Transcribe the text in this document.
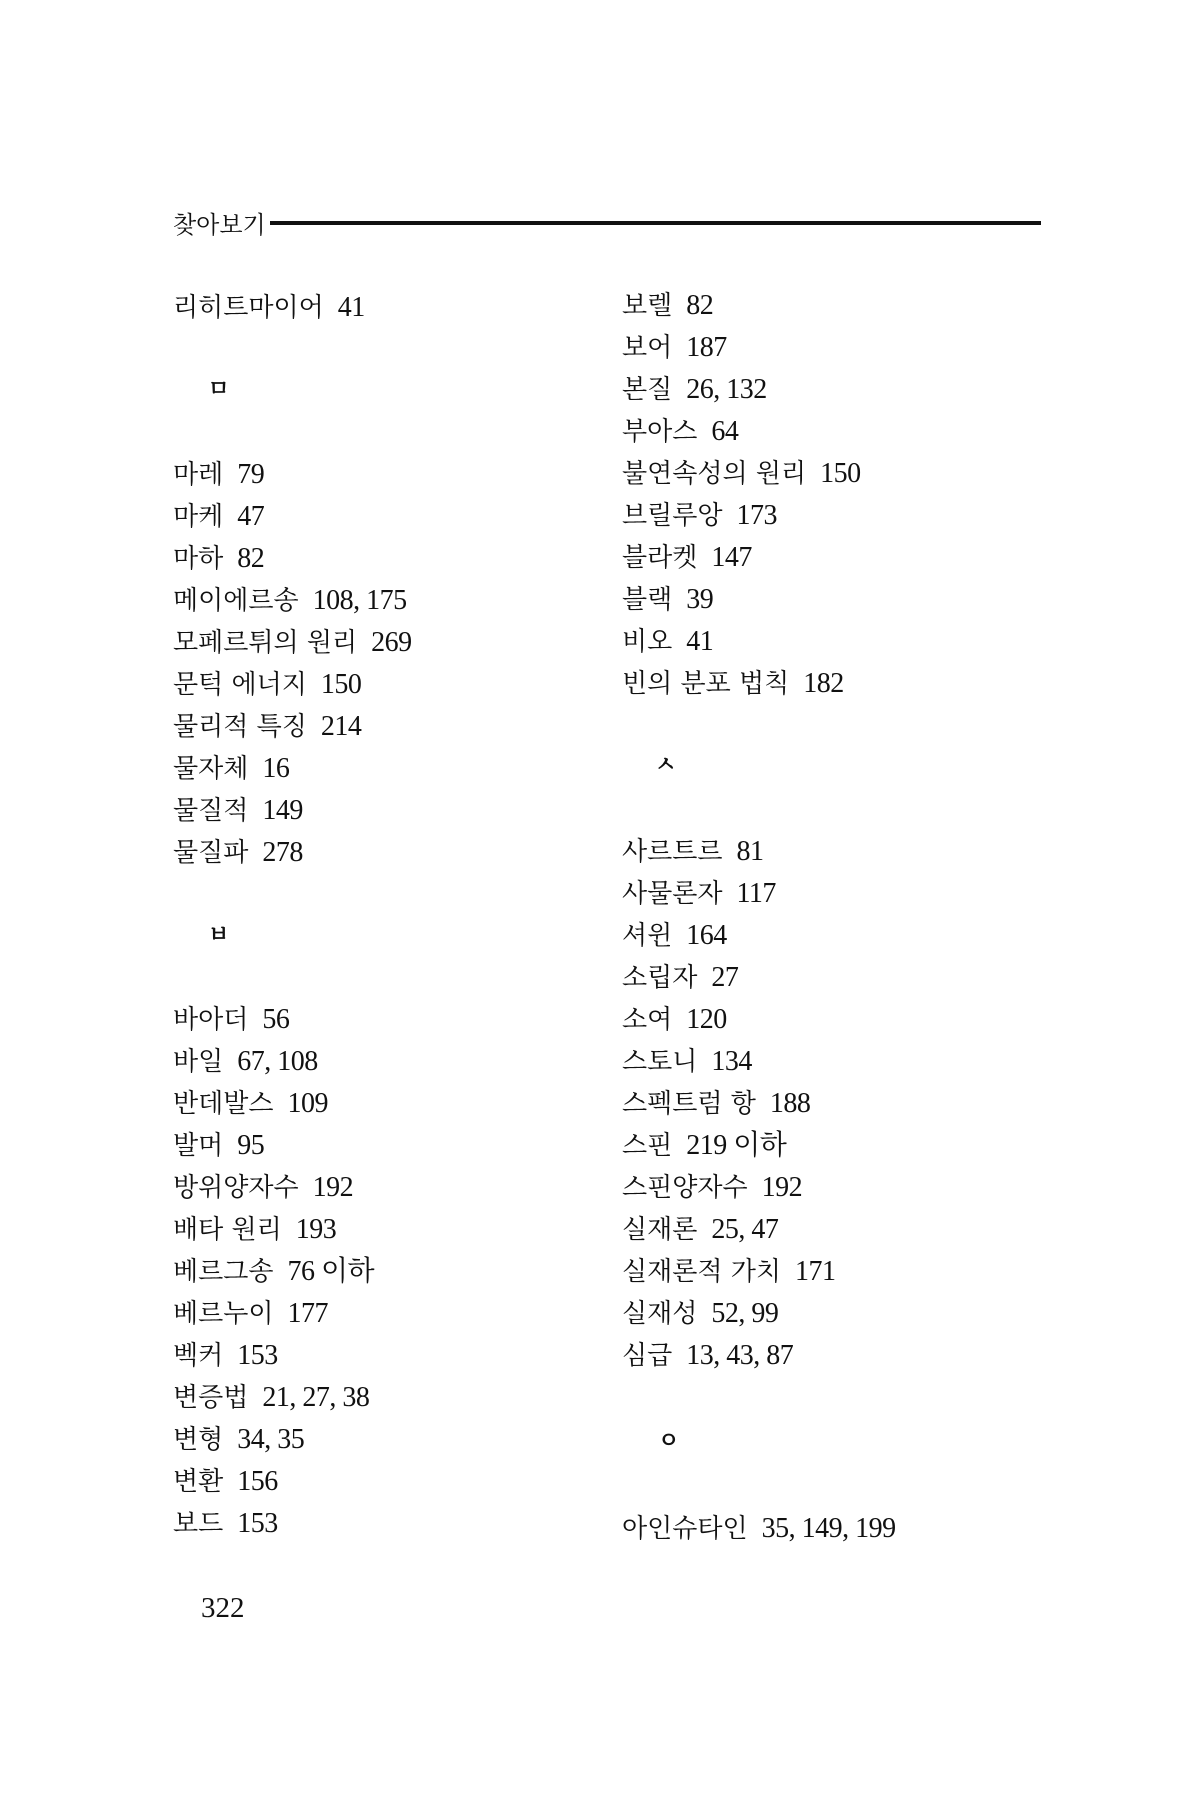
찾아보기
리히트마이어 41
ㅁ
마레 79
마케 47
마하 82
메이에르송 108, 175
모페르튀의 원리 269
문턱 에너지 150
물리적 특징 214
물자체 16
물질적 149
물질파 278
ㅂ
바아더 56
바일 67, 108
반데발스 109
발머 95
방위양자수 192
배타 원리 193
베르그송 76 이하
베르누이 177
벡커 153
변증법 21, 27, 38
변형 34, 35
변환 156
보드 153
보렐 82
보어 187
본질 26, 132
부아스 64
불연속성의 원리 150
브릴루앙 173
블라켓 147
블랙 39
비오 41
빈의 분포 법칙 182
ㅅ
사르트르 81
사물론자 117
셔윈 164
소립자 27
소여 120
스토니 134
스펙트럼 항 188
스핀 219 이하
스핀양자수 192
실재론 25, 47
실재론적 가치 171
실재성 52, 99
심급 13, 43, 87
ㅇ
아인슈타인 35, 149, 199
322
